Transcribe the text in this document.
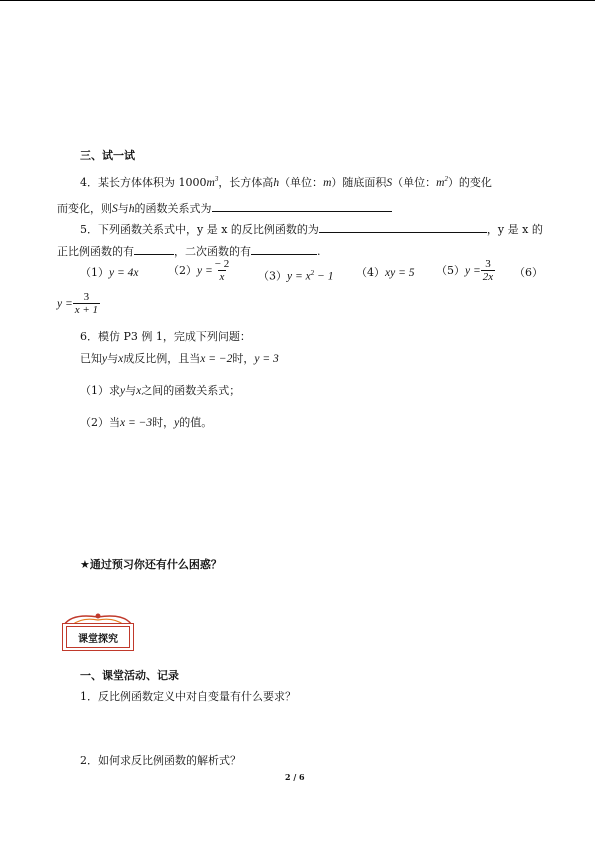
三、试一试
4．某长方体体积为 $1000m^3$，长方体高h（单位：m）随底面积S（单位：$m^2$）的变化
而变化，则S与h的函数关系式为
5．下列函数关系式中，y 是 x 的反比例函数的为	，y 是 x 的
正比例函数的有	，二次函数的有	.
（1）y = 4x	（2） $y = \frac{- 2}{x} (3)y = x^2 - 1$ （4）xy = 5 （5） $y = \frac{3}{2x} (6)$
$y = \frac{3}{x + 1}$
6．模仿 P3 例 1，完成下列问题：
已知y与x成反比例，且当x = −2时，y = 3
（1）求y与x之间的函数关系式；
（2）当x = −3时，y的值。
★通过预习你还有什么困惑？
课堂探究
一、课堂活动、记录
1．反比例函数定义中对自变量有什么要求？
2．如何求反比例函数的解析式？
2 / 6
